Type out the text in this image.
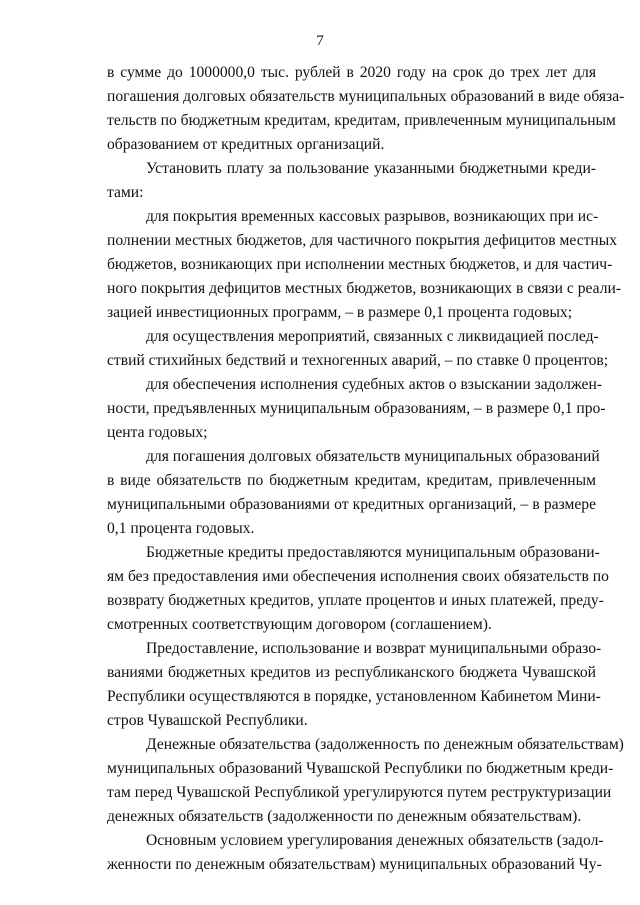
7
в сумме до 1000000,0 тыс. рублей в 2020 году на срок до трех лет для
погашения долговых обязательств муниципальных образований в виде обяза-
тельств по бюджетным кредитам, кредитам, привлеченным муниципальным
образованием от кредитных организаций.
Установить плату за пользование указанными бюджетными креди-
тами:
для покрытия временных кассовых разрывов, возникающих при ис-
полнении местных бюджетов, для частичного покрытия дефицитов местных
бюджетов, возникающих при исполнении местных бюджетов, и для частич-
ного покрытия дефицитов местных бюджетов, возникающих в связи с реали-
зацией инвестиционных программ, – в размере 0,1 процента годовых;
для осуществления мероприятий, связанных с ликвидацией послед-
ствий стихийных бедствий и техногенных аварий, – по ставке 0 процентов;
для обеспечения исполнения судебных актов о взыскании задолжен-
ности, предъявленных муниципальным образованиям, – в размере 0,1 про-
цента годовых;
для погашения долговых обязательств муниципальных образований
в виде обязательств по бюджетным кредитам, кредитам, привлеченным
муниципальными образованиями от кредитных организаций, – в размере
0,1 процента годовых.
Бюджетные кредиты предоставляются муниципальным образовани-
ям без предоставления ими обеспечения исполнения своих обязательств по
возврату бюджетных кредитов, уплате процентов и иных платежей, преду-
смотренных соответствующим договором (соглашением).
Предоставление, использование и возврат муниципальными образо-
ваниями бюджетных кредитов из республиканского бюджета Чувашской
Республики осуществляются в порядке, установленном Кабинетом Мини-
стров Чувашской Республики.
Денежные обязательства (задолженность по денежным обязательствам)
муниципальных образований Чувашской Республики по бюджетным креди-
там перед Чувашской Республикой урегулируются путем реструктуризации
денежных обязательств (задолженности по денежным обязательствам).
Основным условием урегулирования денежных обязательств (задол-
женности по денежным обязательствам) муниципальных образований Чу-
